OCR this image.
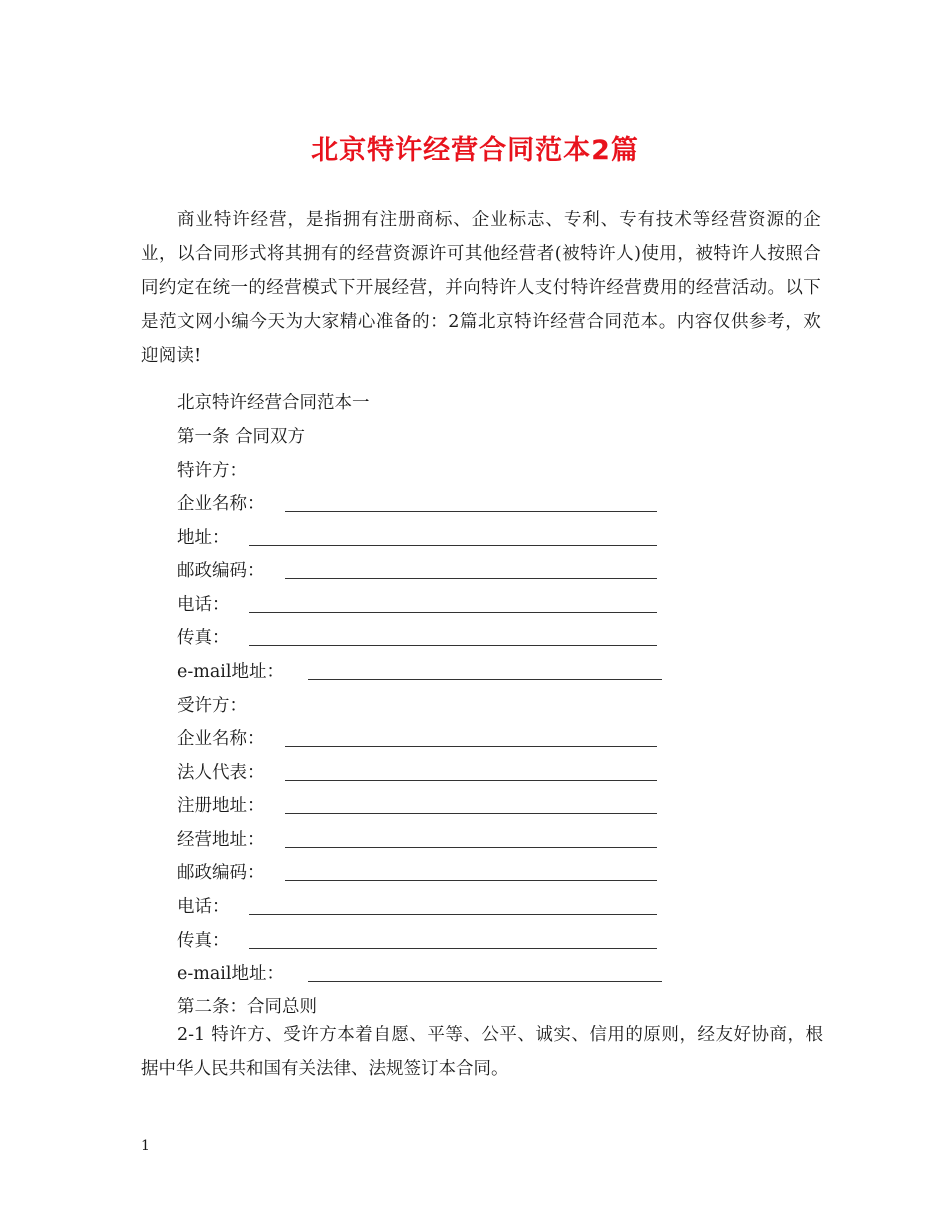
北京特许经营合同范本2篇
商业特许经营，是指拥有注册商标、企业标志、专利、专有技术等经营资源的企业，以合同形式将其拥有的经营资源许可其他经营者(被特许人)使用，被特许人按照合同约定在统一的经营模式下开展经营，并向特许人支付特许经营费用的经营活动。以下是范文网小编今天为大家精心准备的：2篇北京特许经营合同范本。内容仅供参考，欢迎阅读!
北京特许经营合同范本一
第一条 合同双方
特许方：
企业名称：
地址：
邮政编码：
电话：
传真：
e-mail地址：
受许方：
企业名称：
法人代表：
注册地址：
经营地址：
邮政编码：
电话：
传真：
e-mail地址：
第二条：合同总则
2-1 特许方、受许方本着自愿、平等、公平、诚实、信用的原则，经友好协商，根据中华人民共和国有关法律、法规签订本合同。
1
